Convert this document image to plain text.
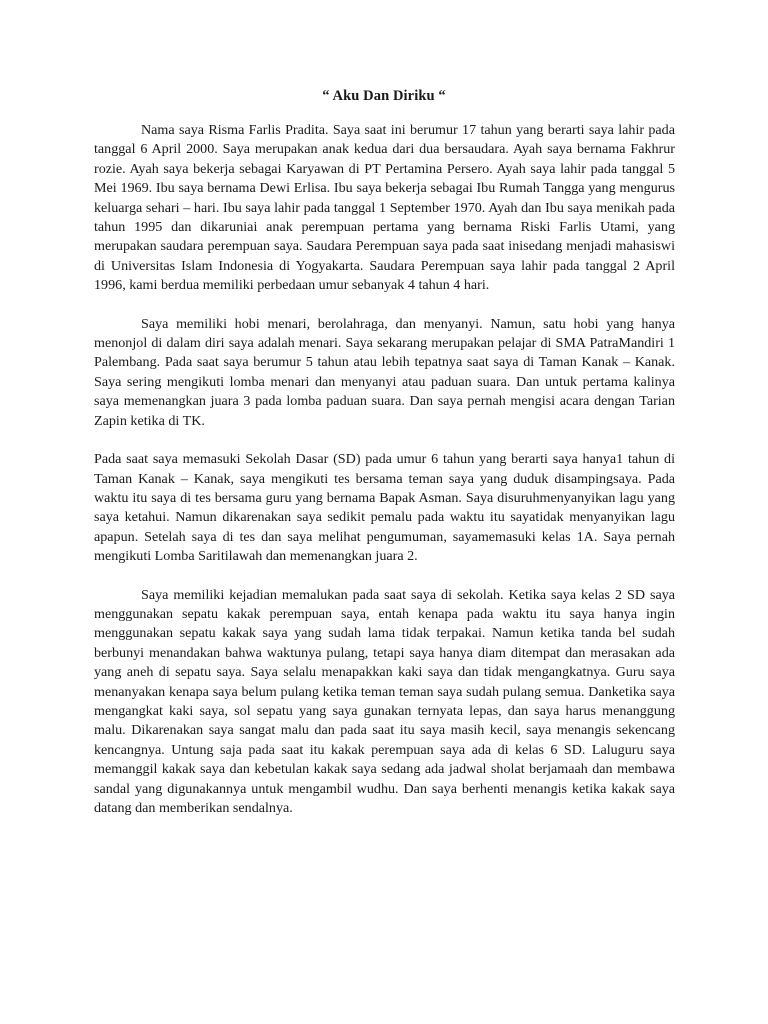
“ Aku Dan Diriku “

Nama saya Risma Farlis Pradita. Saya saat ini berumur 17 tahun yang berarti saya lahir pada tanggal 6 April 2000. Saya merupakan anak kedua dari dua bersaudara. Ayah saya bernama Fakhrur rozie. Ayah saya bekerja sebagai Karyawan di PT Pertamina Persero. Ayah saya lahir pada tanggal 5 Mei 1969. Ibu saya bernama Dewi Erlisa. Ibu saya bekerja sebagai Ibu Rumah Tangga yang mengurus keluarga sehari – hari. Ibu saya lahir pada tanggal 1 September 1970. Ayah dan Ibu saya menikah pada tahun 1995 dan dikaruniai anak perempuan pertama yang bernama Riski Farlis Utami, yang merupakan saudara perempuan saya. Saudara Perempuan saya pada saat inisedang menjadi mahasiswi di Universitas Islam Indonesia di Yogyakarta. Saudara Perempuan saya lahir pada tanggal 2 April 1996, kami berdua memiliki perbedaan umur sebanyak 4 tahun 4 hari.

Saya memiliki hobi menari, berolahraga, dan menyanyi. Namun, satu hobi yang hanya menonjol di dalam diri saya adalah menari. Saya sekarang merupakan pelajar di SMA PatraMandiri 1 Palembang. Pada saat saya berumur 5 tahun atau lebih tepatnya saat saya di Taman Kanak – Kanak. Saya sering mengikuti lomba menari dan menyanyi atau paduan suara. Dan untuk pertama kalinya saya memenangkan juara 3 pada lomba paduan suara. Dan saya pernah mengisi acara dengan Tarian Zapin ketika di TK.

Pada saat saya memasuki Sekolah Dasar (SD) pada umur 6 tahun yang berarti saya hanya1 tahun di Taman Kanak – Kanak, saya mengikuti tes bersama teman saya yang duduk disampingsaya. Pada waktu itu saya di tes bersama guru yang bernama Bapak Asman. Saya disuruhmenyanyikan lagu yang saya ketahui. Namun dikarenakan saya sedikit pemalu pada waktu itu sayatidak menyanyikan lagu apapun. Setelah saya di tes dan saya melihat pengumuman, sayamemasuki kelas 1A. Saya pernah mengikuti Lomba Saritilawah dan memenangkan juara 2.

Saya memiliki kejadian memalukan pada saat saya di sekolah. Ketika saya kelas 2 SD saya menggunakan sepatu kakak perempuan saya, entah kenapa pada waktu itu saya hanya ingin menggunakan sepatu kakak saya yang sudah lama tidak terpakai. Namun ketika tanda bel sudah berbunyi menandakan bahwa waktunya pulang, tetapi saya hanya diam ditempat dan merasakan ada yang aneh di sepatu saya. Saya selalu menapakkan kaki saya dan tidak mengangkatnya. Guru saya menanyakan kenapa saya belum pulang ketika teman teman saya sudah pulang semua. Danketika saya mengangkat kaki saya, sol sepatu yang saya gunakan ternyata lepas, dan saya harus menanggung malu. Dikarenakan saya sangat malu dan pada saat itu saya masih kecil, saya menangis sekencang kencangnya. Untung saja pada saat itu kakak perempuan saya ada di kelas 6 SD. Laluguru saya memanggil kakak saya dan kebetulan kakak saya sedang ada jadwal sholat berjamaah dan membawa sandal yang digunakannya untuk mengambil wudhu. Dan saya berhenti menangis ketika kakak saya datang dan memberikan sendalnya.
